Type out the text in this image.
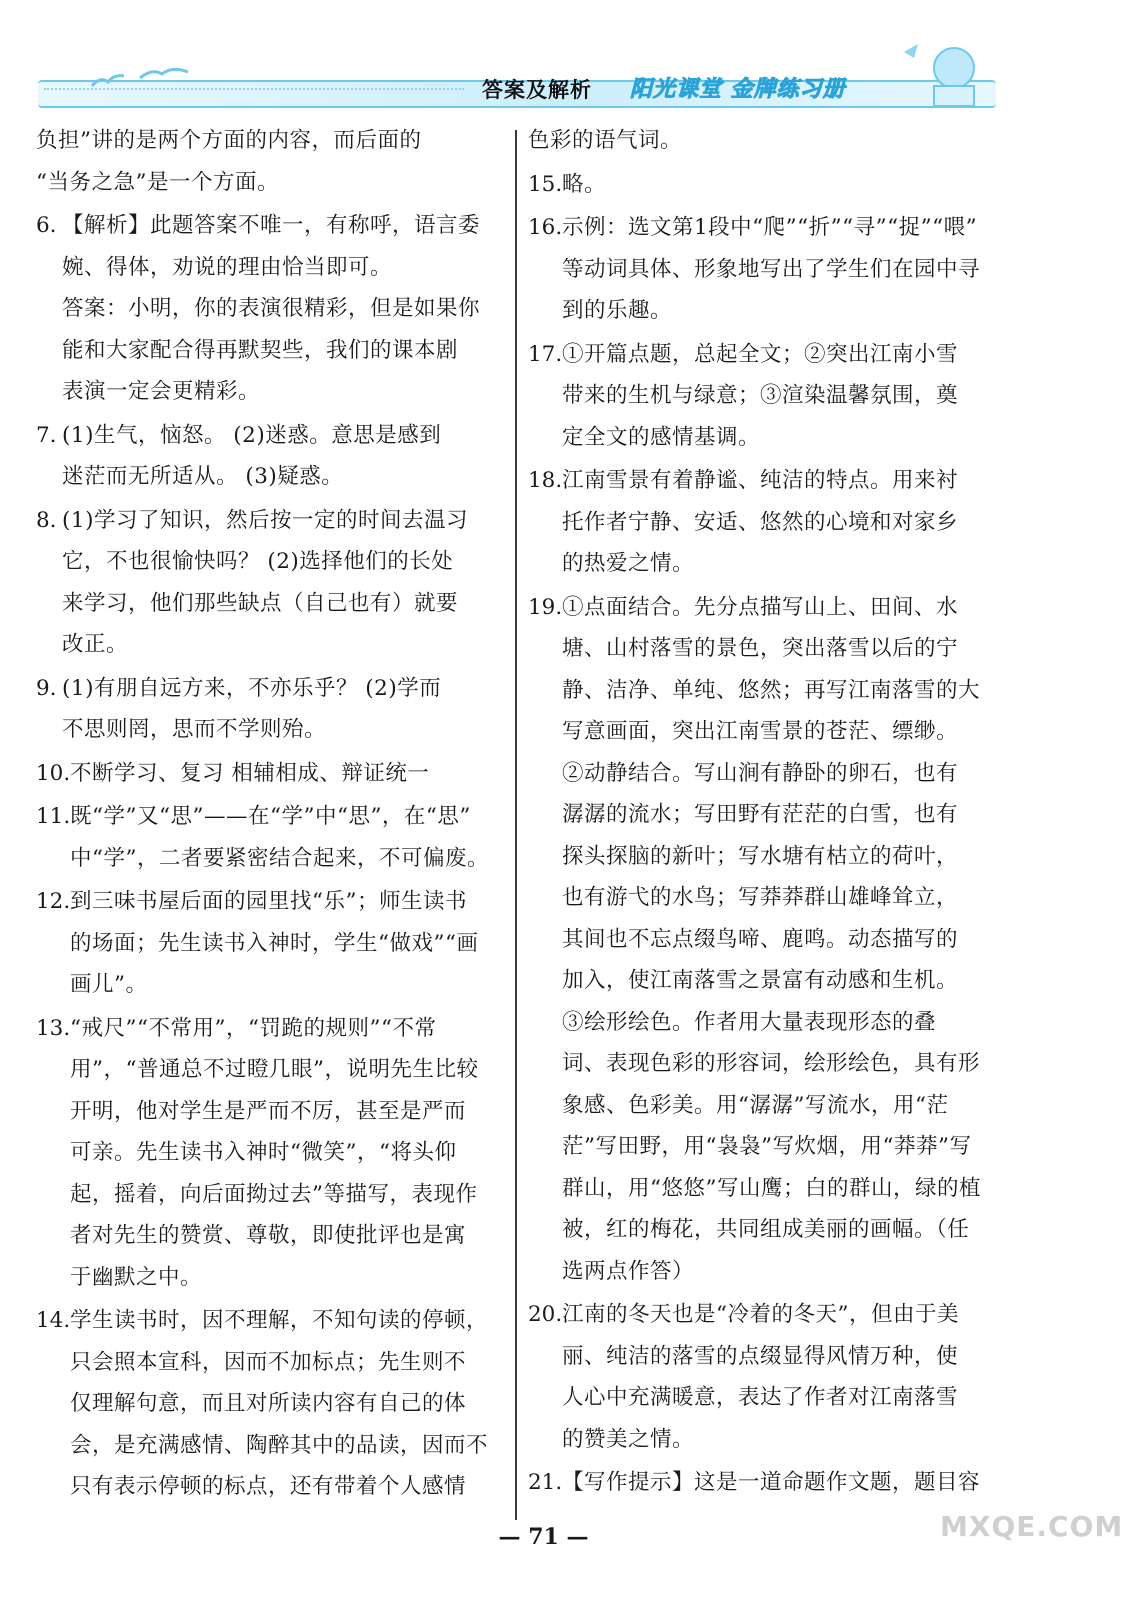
答案及解析 阳光课堂 金牌练习册
负担”讲的是两个方面的内容，而后面的
“当务之急”是一个方面。
6. 【解析】此题答案不唯一，有称呼，语言委
婉、得体，劝说的理由恰当即可。
答案：小明，你的表演很精彩，但是如果你
能和大家配合得再默契些，我们的课本剧
表演一定会更精彩。
7. (1)生气，恼怒。 (2)迷惑。意思是感到
迷茫而无所适从。 (3)疑惑。
8. (1)学习了知识，然后按一定的时间去温习
它，不也很愉快吗？ (2)选择他们的长处
来学习，他们那些缺点（自己也有）就要
改正。
9. (1)有朋自远方来，不亦乐乎？ (2)学而
不思则罔，思而不学则殆。
10. 不断学习、复习 相辅相成、辩证统一
11. 既“学”又“思”——在“学”中“思”，在“思”
中“学”，二者要紧密结合起来，不可偏废。
12. 到三味书屋后面的园里找“乐”；师生读书
的场面；先生读书入神时，学生“做戏”“画
画儿”。
13. “戒尺”“不常用”，“罚跪的规则”“不常
用”，“普通总不过瞪几眼”，说明先生比较
开明，他对学生是严而不厉，甚至是严而
可亲。先生读书入神时“微笑”，“将头仰
起，摇着，向后面拗过去”等描写，表现作
者对先生的赞赏、尊敬，即使批评也是寓
于幽默之中。
14. 学生读书时，因不理解，不知句读的停顿，
只会照本宣科，因而不加标点；先生则不
仅理解句意，而且对所读内容有自己的体
会，是充满感情、陶醉其中的品读，因而不
只有表示停顿的标点，还有带着个人感情
色彩的语气词。
15. 略。
16. 示例：选文第1段中“爬”“折”“寻”“捉”“喂”
等动词具体、形象地写出了学生们在园中寻
到的乐趣。
17. ①开篇点题，总起全文；②突出江南小雪
带来的生机与绿意；③渲染温馨氛围，奠
定全文的感情基调。
18. 江南雪景有着静谧、纯洁的特点。用来衬
托作者宁静、安适、悠然的心境和对家乡
的热爱之情。
19. ①点面结合。先分点描写山上、田间、水
塘、山村落雪的景色，突出落雪以后的宁
静、洁净、单纯、悠然；再写江南落雪的大
写意画面，突出江南雪景的苍茫、缥缈。
②动静结合。写山涧有静卧的卵石，也有
潺潺的流水；写田野有茫茫的白雪，也有
探头探脑的新叶；写水塘有枯立的荷叶，
也有游弋的水鸟；写莽莽群山雄峰耸立，
其间也不忘点缀鸟啼、鹿鸣。动态描写的
加入，使江南落雪之景富有动感和生机。
③绘形绘色。作者用大量表现形态的叠
词、表现色彩的形容词，绘形绘色，具有形
象感、色彩美。用“潺潺”写流水，用“茫
茫”写田野，用“袅袅”写炊烟，用“莽莽”写
群山，用“悠悠”写山鹰；白的群山，绿的植
被，红的梅花，共同组成美丽的画幅。（任
选两点作答）
20. 江南的冬天也是“冷着的冬天”，但由于美
丽、纯洁的落雪的点缀显得风情万种，使
人心中充满暖意，表达了作者对江南落雪
的赞美之情。
21. 【写作提示】这是一道命题作文题，题目容
— 71 —	MXQE.COM
